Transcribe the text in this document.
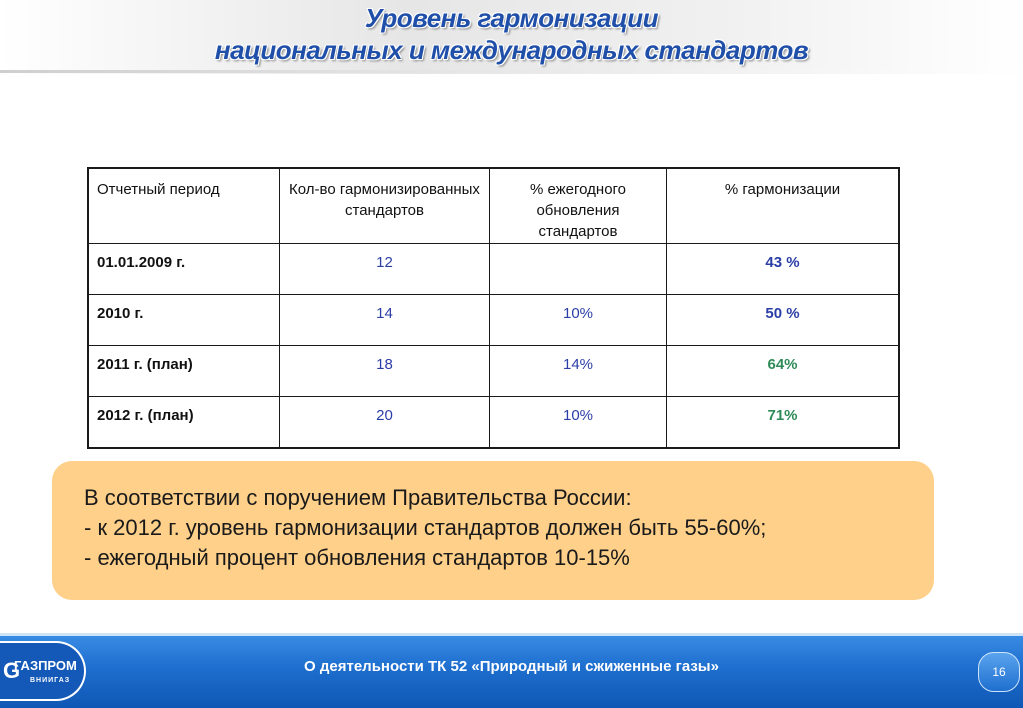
Уровень гармонизации
национальных и международных стандартов
Отчетный период	Кол-во гармонизированных стандартов	% ежегодного обновления стандартов	% гармонизации
01.01.2009 г.	12		43 %
2010 г.	14	10%	50 %
2011 г. (план)	18	14%	64%
2012 г. (план)	20	10%	71%
В соответствии с поручением Правительства России:
- к 2012 г. уровень гармонизации стандартов должен быть 55-60%;
- ежегодный процент обновления стандартов 10-15%
G
ГАЗПРОМ
ВНИИГАЗ
О деятельности ТК 52 «Природный и сжиженные газы»	16
